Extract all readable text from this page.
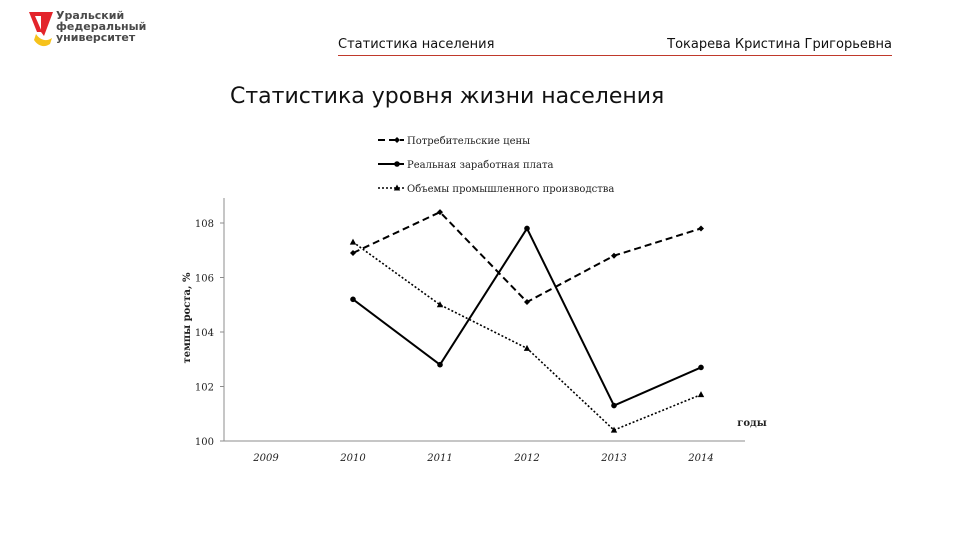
Уральский
федеральный
университет	Статистика населения	Токарева Кристина Григорьевна
Статистика уровня жизни населения
100
102
104
106
108
2009	2010	2011	2012	2013	2014
темпы роста, %
годы
Потребительские цены
Реальная заработная плата
Объемы промышленного производства
